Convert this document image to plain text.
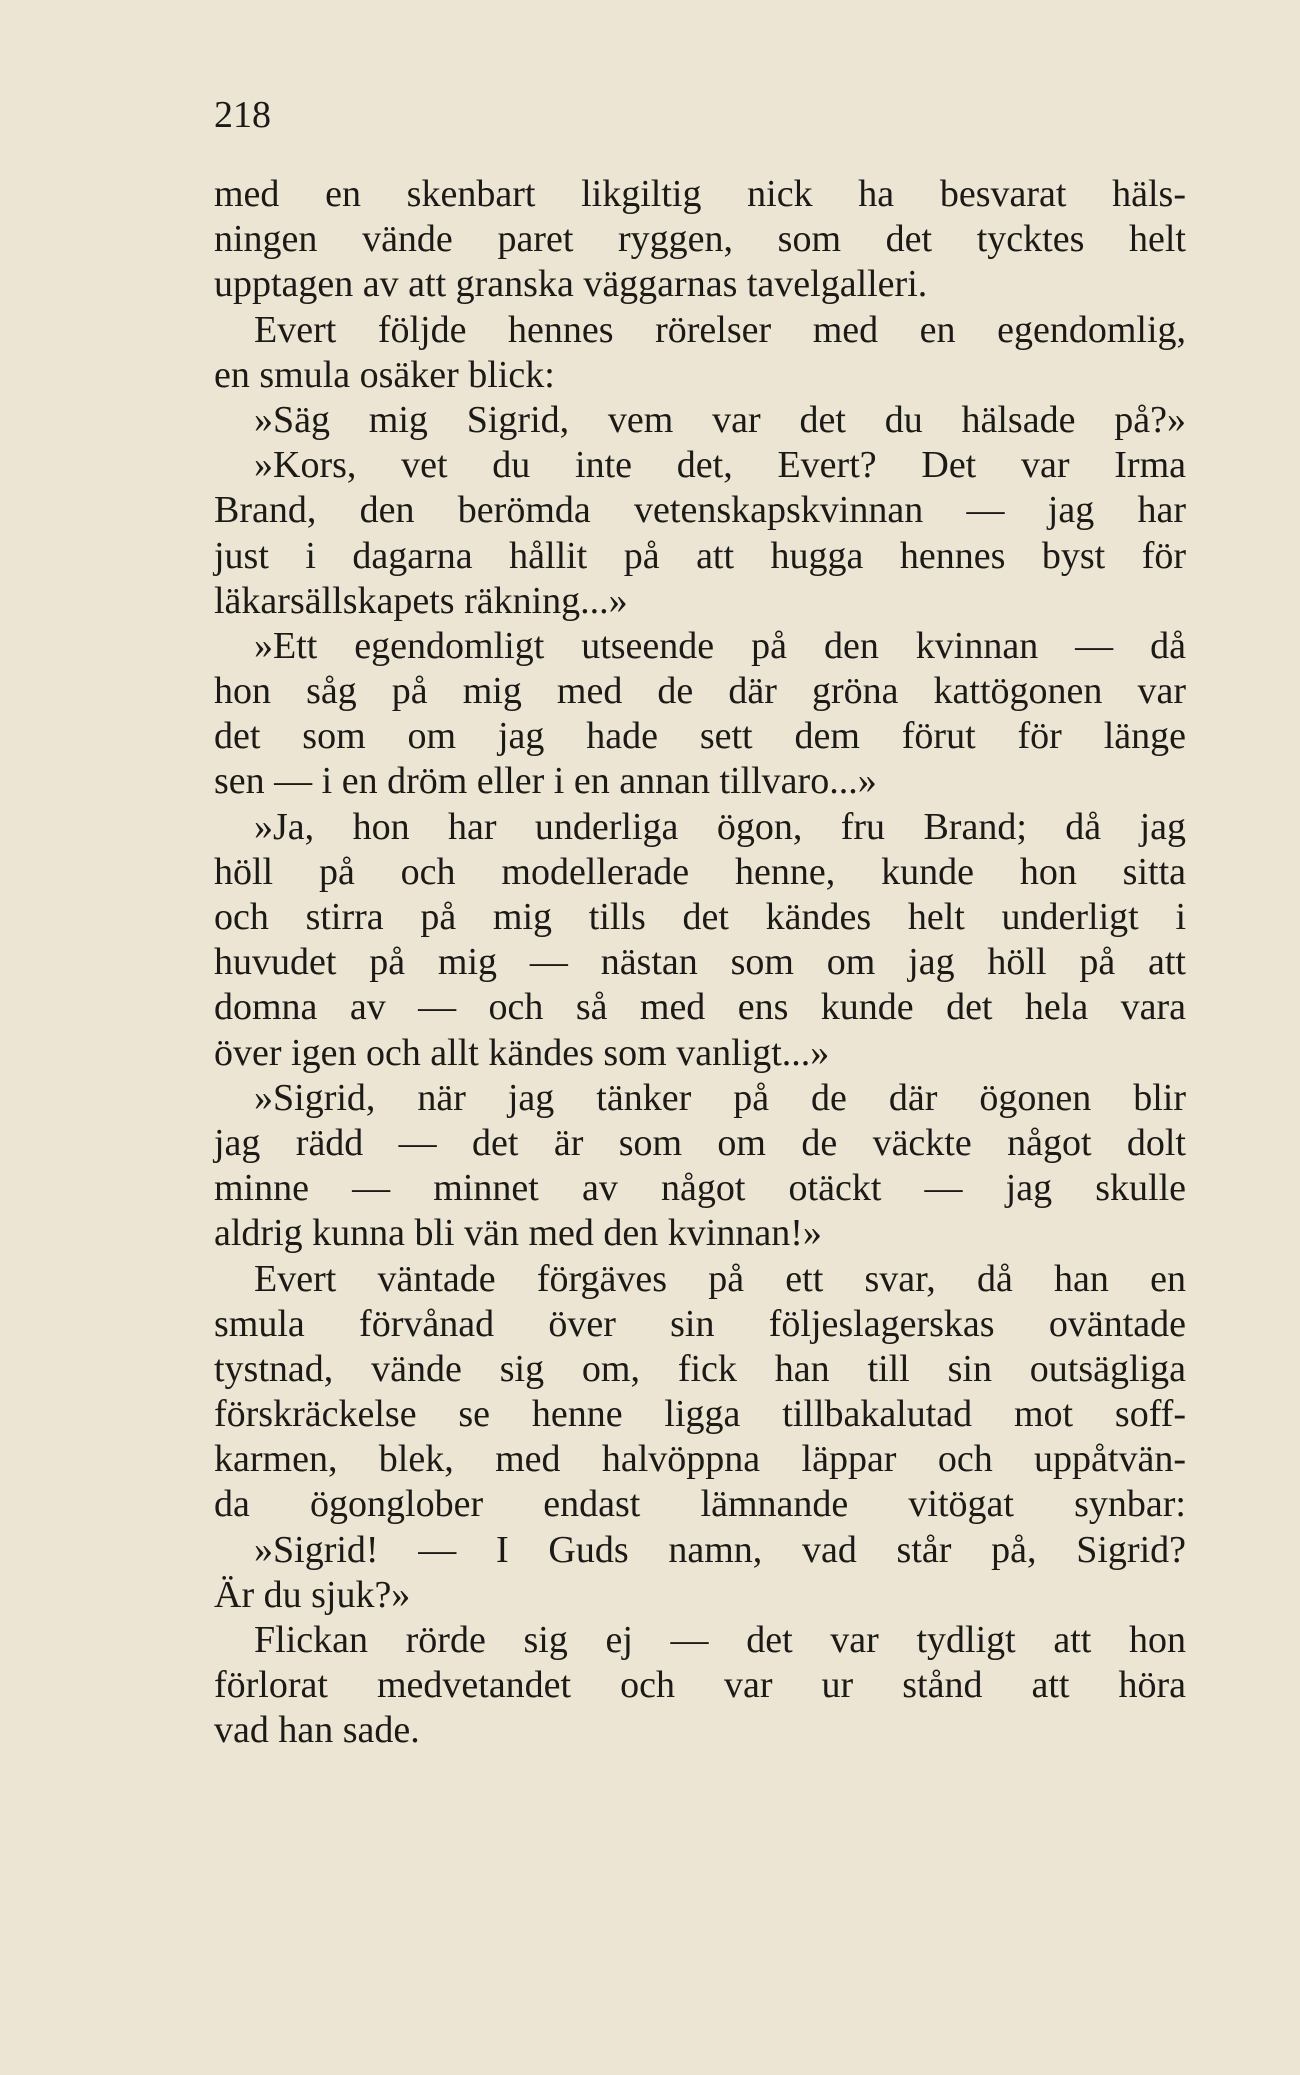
218
med en skenbart likgiltig nick ha besvarat häls-
ningen vände paret ryggen, som det tycktes helt
upptagen av att granska väggarnas tavelgalleri.
Evert följde hennes rörelser med en egendomlig,
en smula osäker blick:
»Säg mig Sigrid, vem var det du hälsade på?»
»Kors, vet du inte det, Evert? Det var Irma
Brand, den berömda vetenskapskvinnan — jag har
just i dagarna hållit på att hugga hennes byst för
läkarsällskapets räkning...»
»Ett egendomligt utseende på den kvinnan — då
hon såg på mig med de där gröna kattögonen var
det som om jag hade sett dem förut för länge
sen — i en dröm eller i en annan tillvaro...»
»Ja, hon har underliga ögon, fru Brand; då jag
höll på och modellerade henne, kunde hon sitta
och stirra på mig tills det kändes helt underligt i
huvudet på mig — nästan som om jag höll på att
domna av — och så med ens kunde det hela vara
över igen och allt kändes som vanligt...»
»Sigrid, när jag tänker på de där ögonen blir
jag rädd — det är som om de väckte något dolt
minne — minnet av något otäckt — jag skulle
aldrig kunna bli vän med den kvinnan!»
Evert väntade förgäves på ett svar, då han en
smula förvånad över sin följeslagerskas oväntade
tystnad, vände sig om, fick han till sin outsägliga
förskräckelse se henne ligga tillbakalutad mot soff-
karmen, blek, med halvöppna läppar och uppåtvän-
da ögonglober endast lämnande vitögat synbar:
»Sigrid! — I Guds namn, vad står på, Sigrid?
Är du sjuk?»
Flickan rörde sig ej — det var tydligt att hon
förlorat medvetandet och var ur stånd att höra
vad han sade.
